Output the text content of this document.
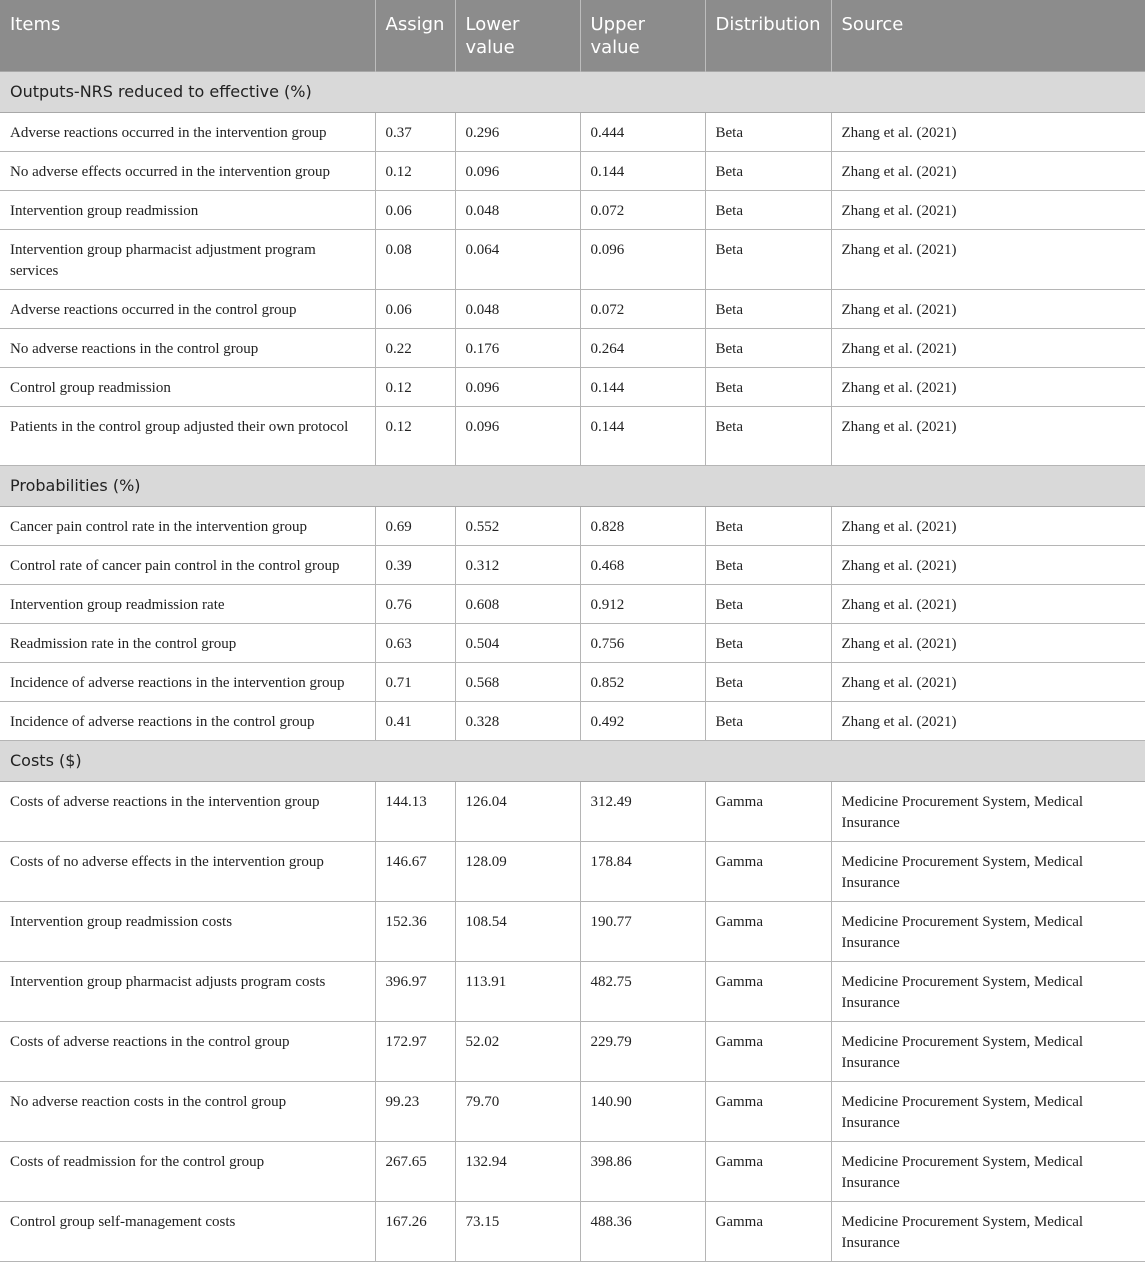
Items	Assign	Lower value	Upper value	Distribution	Source
Outputs-NRS reduced to effective (%)					
Adverse reactions occurred in the intervention group	0.37	0.296	0.444	Beta	Zhang et al. (2021)
No adverse effects occurred in the intervention group	0.12	0.096	0.144	Beta	Zhang et al. (2021)
Intervention group readmission	0.06	0.048	0.072	Beta	Zhang et al. (2021)
Intervention group pharmacist adjustment program services	0.08	0.064	0.096	Beta	Zhang et al. (2021)
Adverse reactions occurred in the control group	0.06	0.048	0.072	Beta	Zhang et al. (2021)
No adverse reactions in the control group	0.22	0.176	0.264	Beta	Zhang et al. (2021)
Control group readmission	0.12	0.096	0.144	Beta	Zhang et al. (2021)
Patients in the control group adjusted their own protocol	0.12	0.096	0.144	Beta	Zhang et al. (2021)
Probabilities (%)					
Cancer pain control rate in the intervention group	0.69	0.552	0.828	Beta	Zhang et al. (2021)
Control rate of cancer pain control in the control group	0.39	0.312	0.468	Beta	Zhang et al. (2021)
Intervention group readmission rate	0.76	0.608	0.912	Beta	Zhang et al. (2021)
Readmission rate in the control group	0.63	0.504	0.756	Beta	Zhang et al. (2021)
Incidence of adverse reactions in the intervention group	0.71	0.568	0.852	Beta	Zhang et al. (2021)
Incidence of adverse reactions in the control group	0.41	0.328	0.492	Beta	Zhang et al. (2021)
Costs ($)					
Costs of adverse reactions in the intervention group	144.13	126.04	312.49	Gamma	Medicine Procurement System, Medical Insurance
Costs of no adverse effects in the intervention group	146.67	128.09	178.84	Gamma	Medicine Procurement System, Medical Insurance
Intervention group readmission costs	152.36	108.54	190.77	Gamma	Medicine Procurement System, Medical Insurance
Intervention group pharmacist adjusts program costs	396.97	113.91	482.75	Gamma	Medicine Procurement System, Medical Insurance
Costs of adverse reactions in the control group	172.97	52.02	229.79	Gamma	Medicine Procurement System, Medical Insurance
No adverse reaction costs in the control group	99.23	79.70	140.90	Gamma	Medicine Procurement System, Medical Insurance
Costs of readmission for the control group	267.65	132.94	398.86	Gamma	Medicine Procurement System, Medical Insurance
Control group self-management costs	167.26	73.15	488.36	Gamma	Medicine Procurement System, Medical Insurance
